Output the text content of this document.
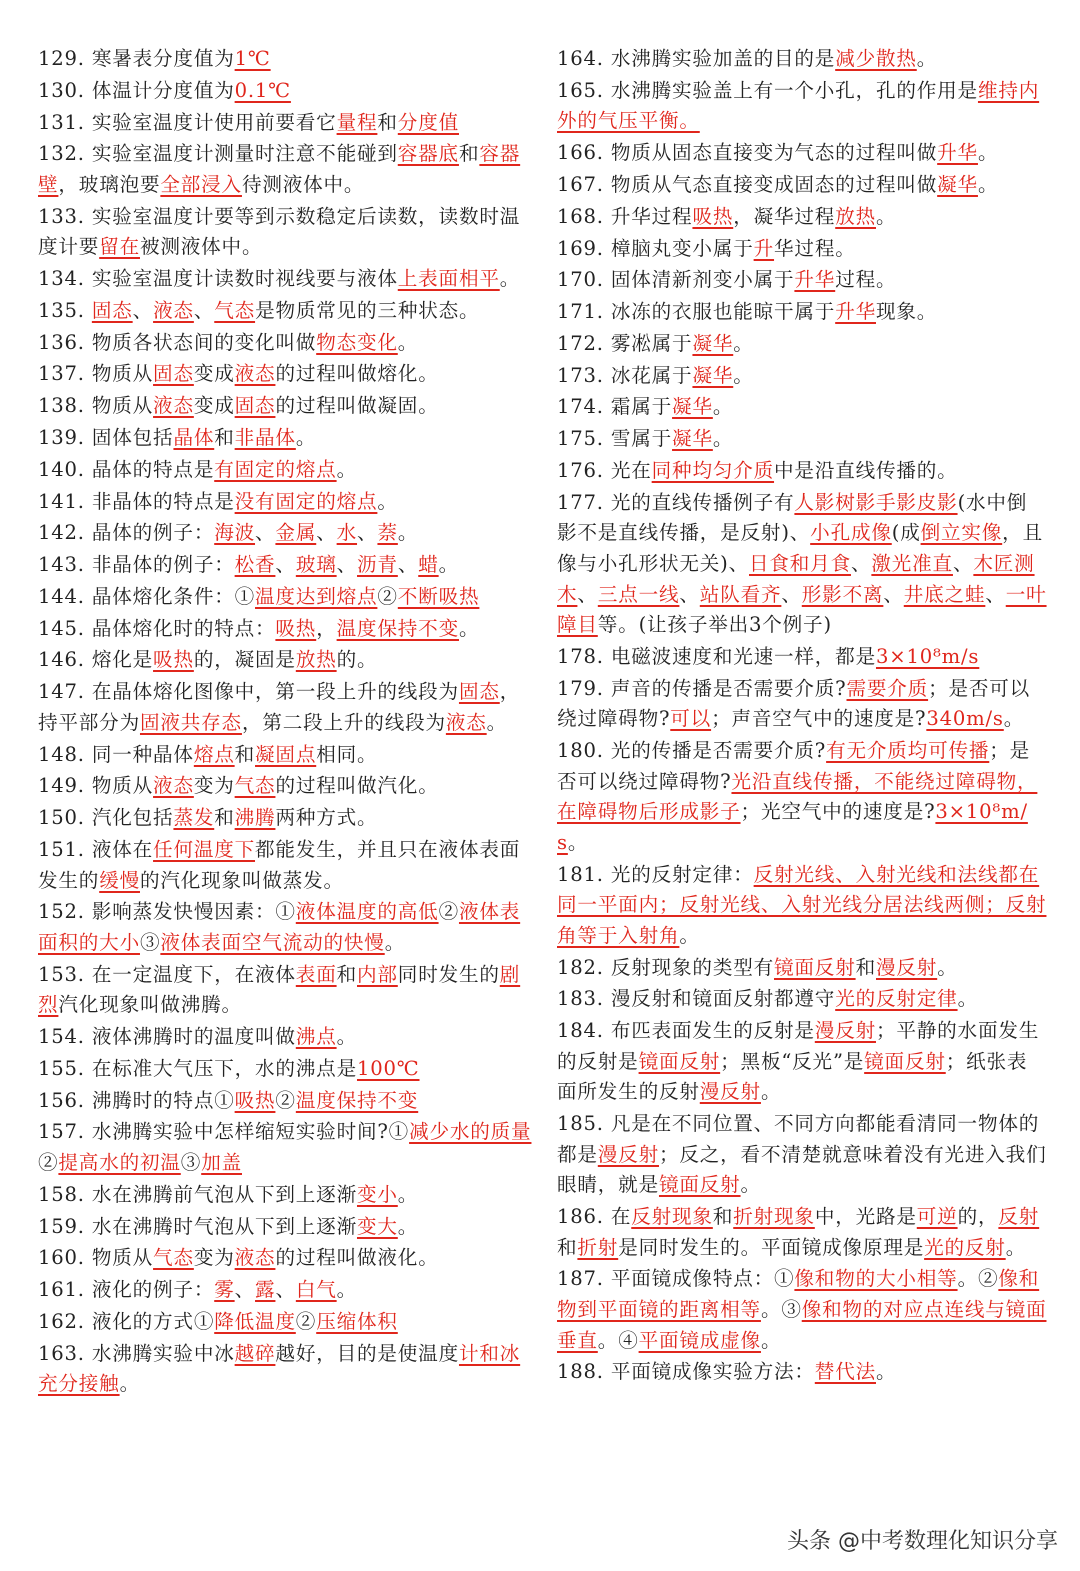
129. 寒暑表分度值为1℃
130. 体温计分度值为0.1℃
131. 实验室温度计使用前要看它量程和分度值
132. 实验室温度计测量时注意不能碰到容器底和容器壁，玻璃泡要全部浸入待测液体中。
133. 实验室温度计要等到示数稳定后读数，读数时温度计要留在被测液体中。
134. 实验室温度计读数时视线要与液体上表面相平。
135. 固态、液态、气态是物质常见的三种状态。
136. 物质各状态间的变化叫做物态变化。
137. 物质从固态变成液态的过程叫做熔化。
138. 物质从液态变成固态的过程叫做凝固。
139. 固体包括晶体和非晶体。
140. 晶体的特点是有固定的熔点。
141. 非晶体的特点是没有固定的熔点。
142. 晶体的例子：海波、金属、水、萘。
143. 非晶体的例子：松香、玻璃、沥青、蜡。
144. 晶体熔化条件：①温度达到熔点②不断吸热
145. 晶体熔化时的特点：吸热，温度保持不变。
146. 熔化是吸热的，凝固是放热的。
147. 在晶体熔化图像中，第一段上升的线段为固态，持平部分为固液共存态，第二段上升的线段为液态。
148. 同一种晶体熔点和凝固点相同。
149. 物质从液态变为气态的过程叫做汽化。
150. 汽化包括蒸发和沸腾两种方式。
151. 液体在任何温度下都能发生，并且只在液体表面发生的缓慢的汽化现象叫做蒸发。
152. 影响蒸发快慢因素：①液体温度的高低②液体表面积的大小③液体表面空气流动的快慢。
153. 在一定温度下，在液体表面和内部同时发生的剧烈汽化现象叫做沸腾。
154. 液体沸腾时的温度叫做沸点。
155. 在标准大气压下，水的沸点是100℃
156. 沸腾时的特点①吸热②温度保持不变
157. 水沸腾实验中怎样缩短实验时间?①减少水的质量②提高水的初温③加盖
158. 水在沸腾前气泡从下到上逐渐变小。
159. 水在沸腾时气泡从下到上逐渐变大。
160. 物质从气态变为液态的过程叫做液化。
161. 液化的例子：雾、露、白气。
162. 液化的方式①降低温度②压缩体积
163. 水沸腾实验中冰越碎越好，目的是使温度计和冰充分接触。
164. 水沸腾实验加盖的目的是减少散热。
165. 水沸腾实验盖上有一个小孔，孔的作用是维持内外的气压平衡。
166. 物质从固态直接变为气态的过程叫做升华。
167. 物质从气态直接变成固态的过程叫做凝华。
168. 升华过程吸热，凝华过程放热。
169. 樟脑丸变小属于升华过程。
170. 固体清新剂变小属于升华过程。
171. 冰冻的衣服也能晾干属于升华现象。
172. 雾凇属于凝华。
173. 冰花属于凝华。
174. 霜属于凝华。
175. 雪属于凝华。
176. 光在同种均匀介质中是沿直线传播的。
177. 光的直线传播例子有人影树影手影皮影(水中倒影不是直线传播，是反射)、小孔成像(成倒立实像，且像与小孔形状无关)、日食和月食、激光准直、木匠测木、三点一线、站队看齐、形影不离、井底之蛙、一叶障目等。(让孩子举出3个例子)
178. 电磁波速度和光速一样，都是3×10⁸m/s
179. 声音的传播是否需要介质?需要介质；是否可以绕过障碍物?可以；声音空气中的速度是?340m/s。
180. 光的传播是否需要介质?有无介质均可传播；是否可以绕过障碍物?光沿直线传播，不能绕过障碍物，在障碍物后形成影子；光空气中的速度是?3×10⁸m/s。
181. 光的反射定律：反射光线、入射光线和法线都在同一平面内；反射光线、入射光线分居法线两侧；反射角等于入射角。
182. 反射现象的类型有镜面反射和漫反射。
183. 漫反射和镜面反射都遵守光的反射定律。
184. 布匹表面发生的反射是漫反射；平静的水面发生的反射是镜面反射；黑板“反光”是镜面反射；纸张表面所发生的反射漫反射。
185. 凡是在不同位置、不同方向都能看清同一物体的都是漫反射；反之，看不清楚就意味着没有光进入我们眼睛，就是镜面反射。
186. 在反射现象和折射现象中，光路是可逆的，反射和折射是同时发生的。平面镜成像原理是光的反射。
187. 平面镜成像特点：①像和物的大小相等。②像和物到平面镜的距离相等。③像和物的对应点连线与镜面垂直。④平面镜成虚像。
188. 平面镜成像实验方法：替代法。
头条 @中考数理化知识分享
